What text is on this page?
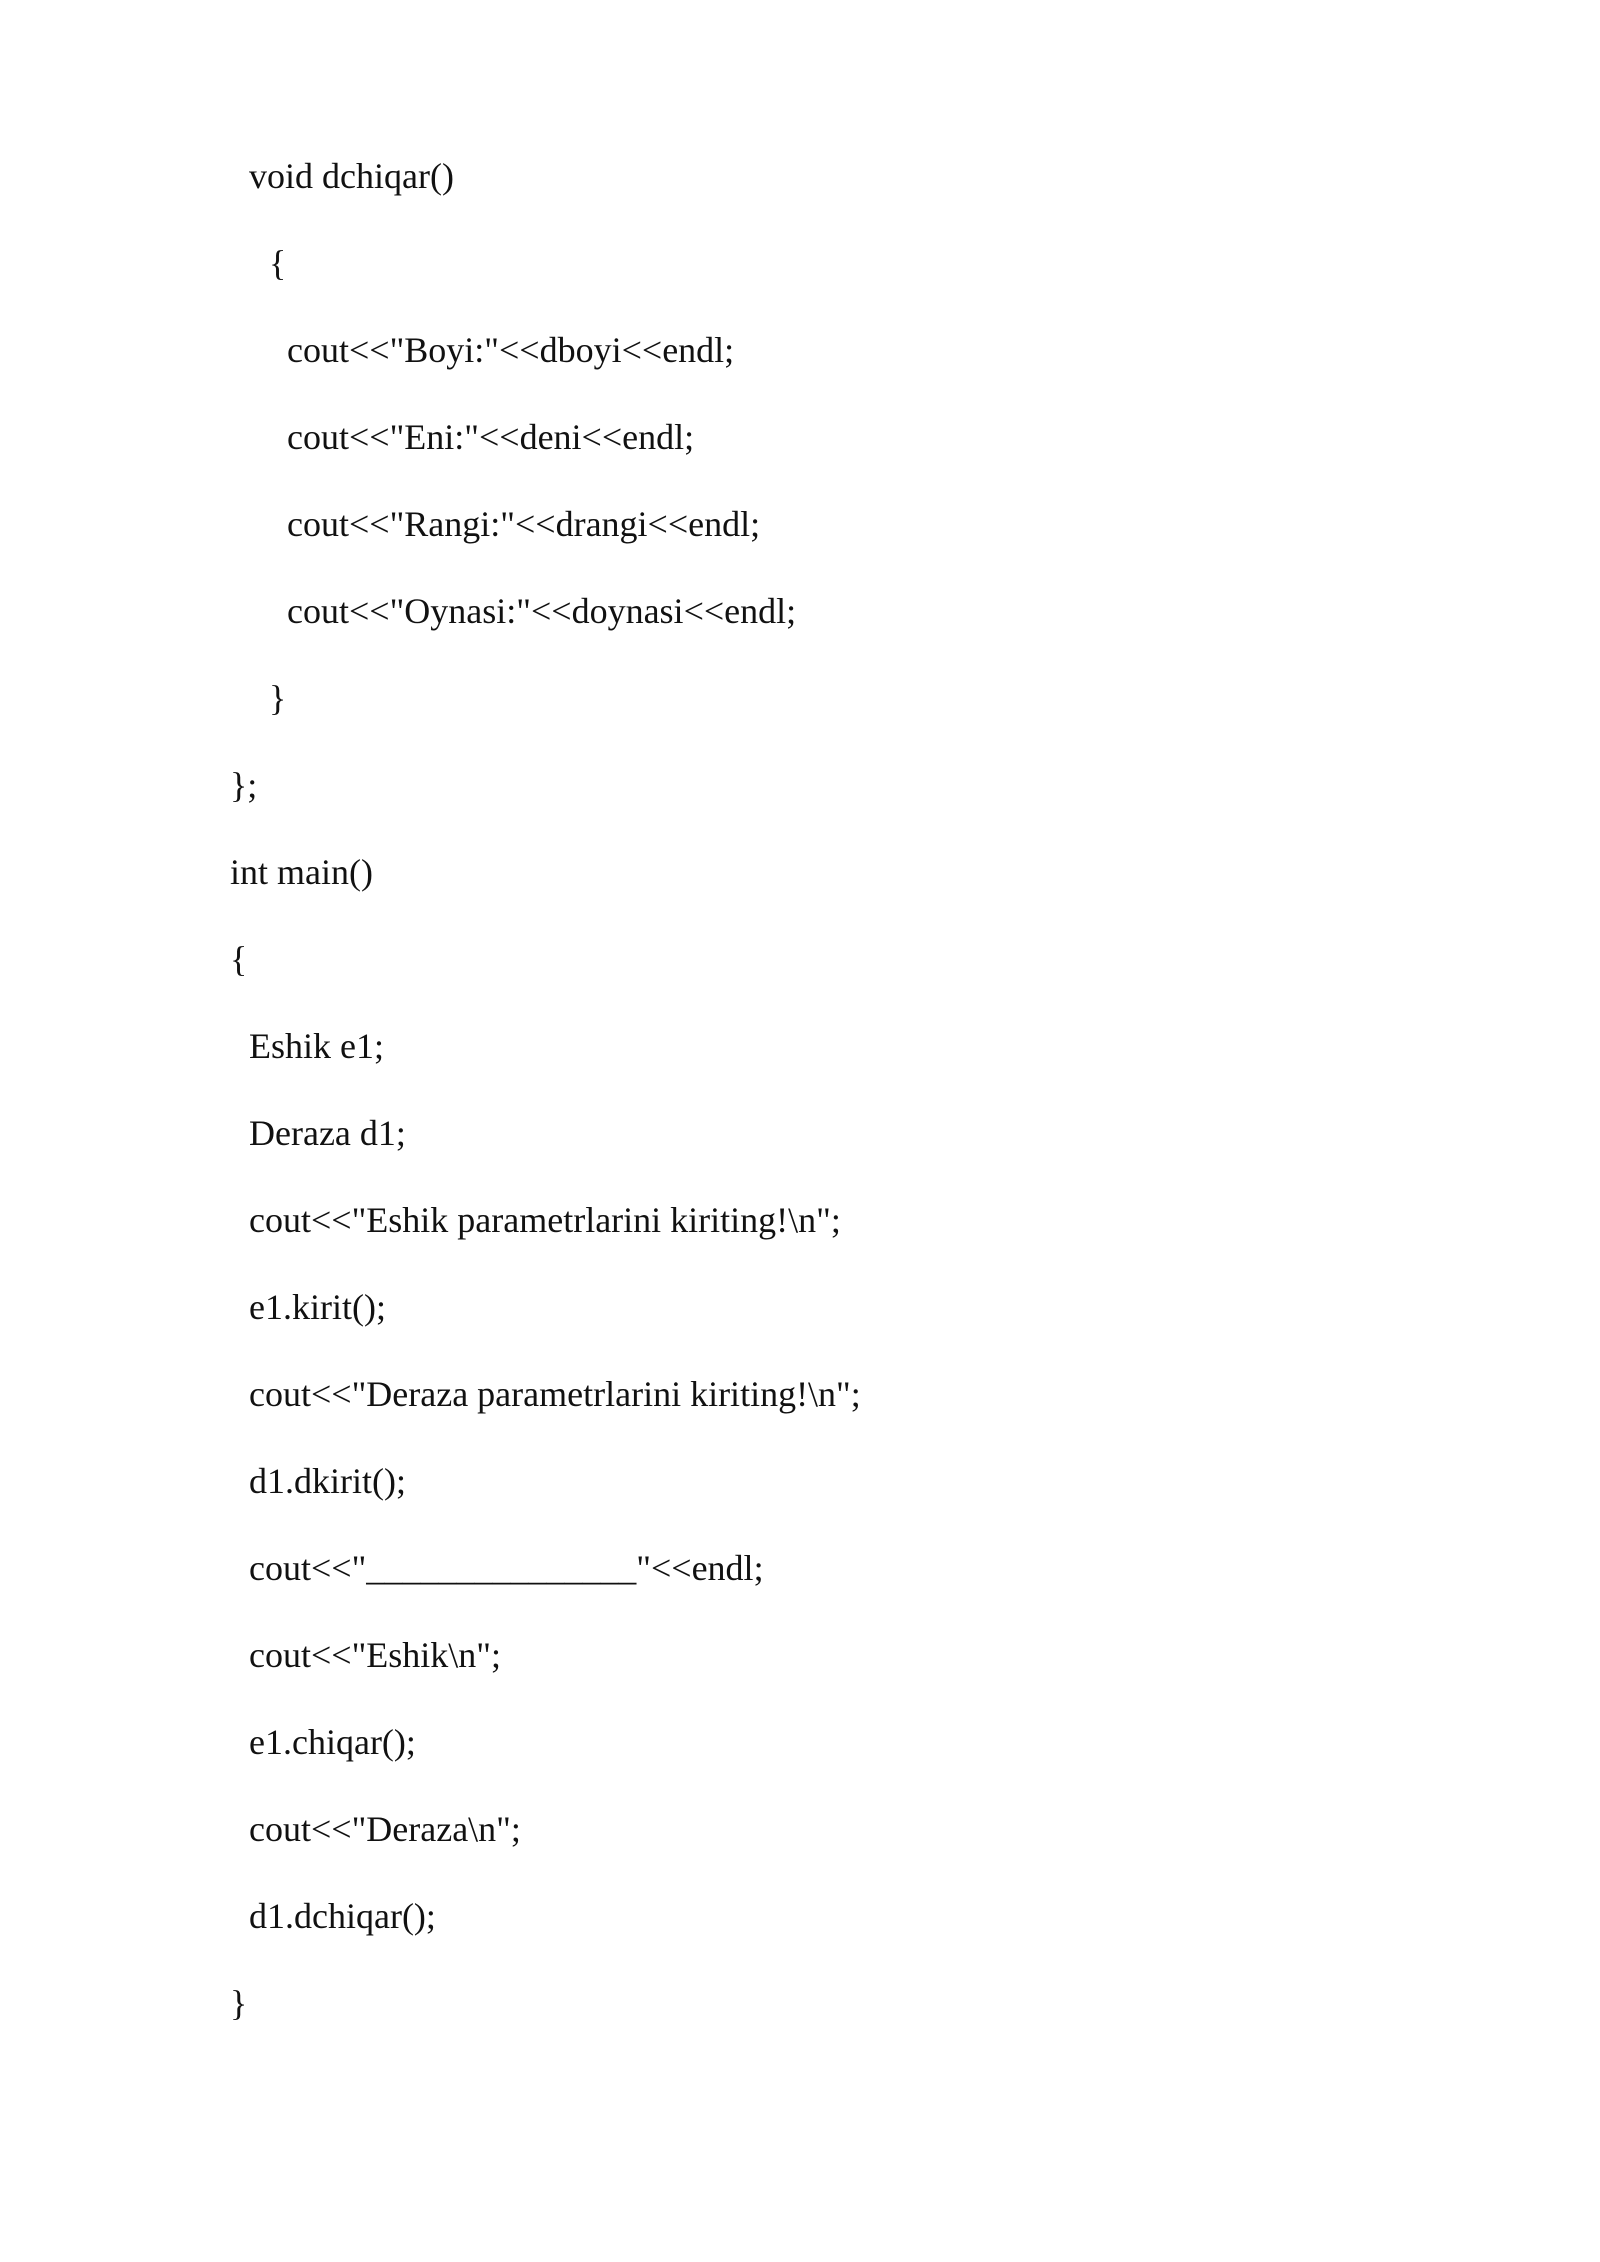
void dchiqar()
{
cout<<"Boyi:"<<dboyi<<endl;
cout<<"Eni:"<<deni<<endl;
cout<<"Rangi:"<<drangi<<endl;
cout<<"Oynasi:"<<doynasi<<endl;
}
};
int main()
{
Eshik e1;
Deraza d1;
cout<<"Eshik parametrlarini kiriting!\n";
e1.kirit();
cout<<"Deraza parametrlarini kiriting!\n";
d1.dkirit();
cout<<"_______________"<<endl;
cout<<"Eshik\n";
e1.chiqar();
cout<<"Deraza\n";
d1.dchiqar();
}
